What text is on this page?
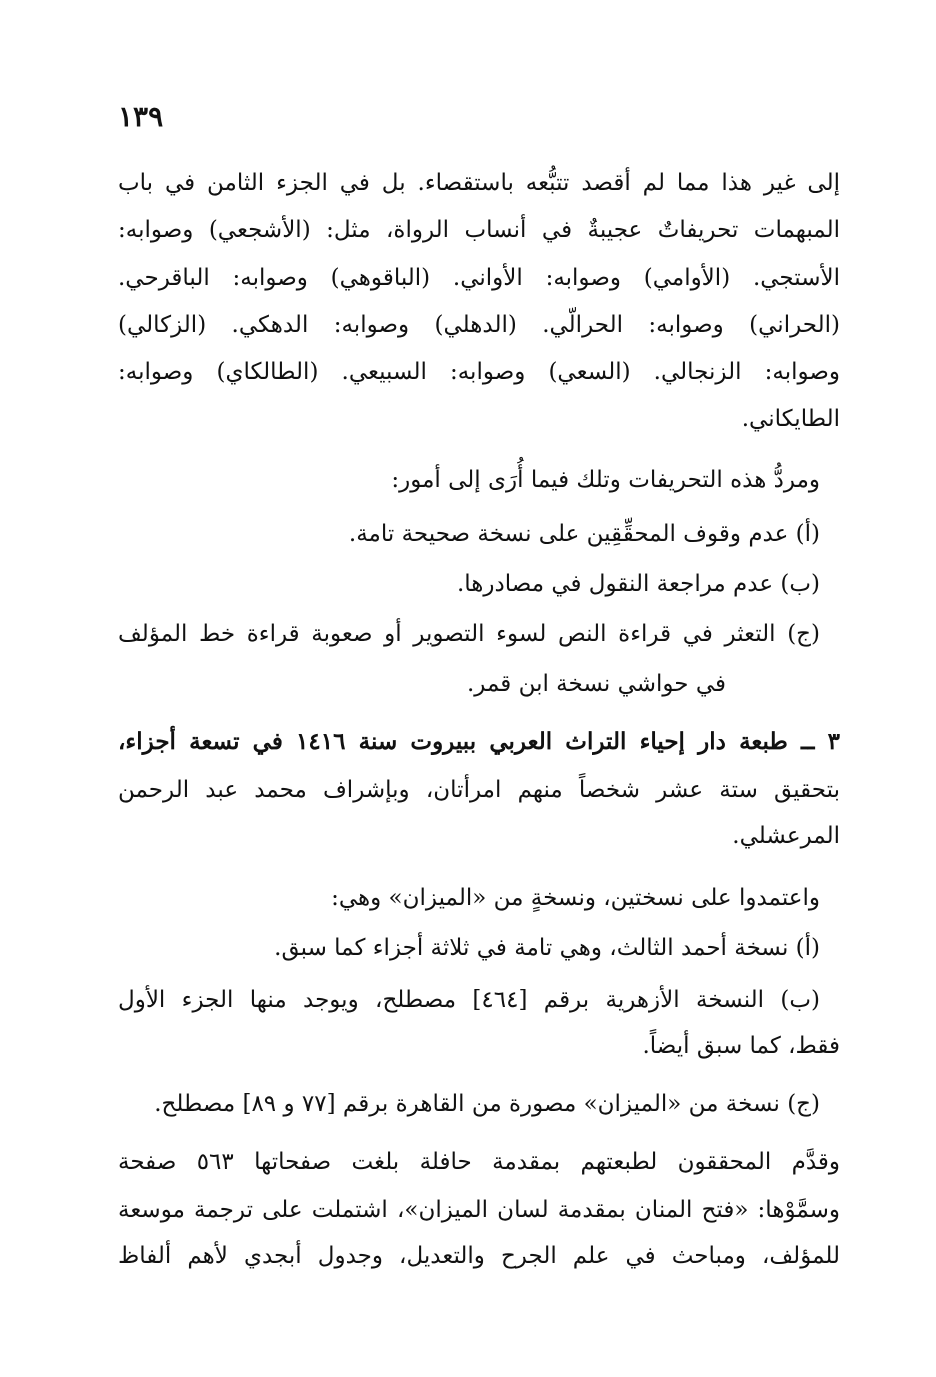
١٣٩
إلى غير هذا مما لم أقصد تتبُّعه باستقصاء. بل في الجزء الثامن في باب
المبهمات تحريفاتٌ عجيبةٌ في أنساب الرواة، مثل: (الأشجعي) وصوابه:
الأستجي. (الأوامي) وصوابه: الأواني. (الباقوهي) وصوابه: الباقرحي.
(الحراني) وصوابه: الحرالّي. (الدهلي) وصوابه: الدهكي. (الزكالي)
وصوابه: الزنجالي. (السعي) وصوابه: السبيعي. (الطالكاي) وصوابه:
الطايكاني.
ومردُّ هذه التحريفات وتلك فيما أُرَى إلى أمور:
(أ) عدم وقوف المحقِّقِين على نسخة صحيحة تامة.
(ب) عدم مراجعة النقول في مصادرها.
(ج) التعثر في قراءة النص لسوء التصوير أو صعوبة قراءة خط المؤلف
في حواشي نسخة ابن قمر.
٣ ــ طبعة دار إحياء التراث العربي ببيروت سنة ١٤١٦ في تسعة أجزاء،
بتحقيق ستة عشر شخصاً منهم امرأتان، وبإشراف محمد عبد الرحمن
المرعشلي.
واعتمدوا على نسختين، ونسخةٍ من «الميزان» وهي:
(أ) نسخة أحمد الثالث، وهي تامة في ثلاثة أجزاء كما سبق.
(ب) النسخة الأزهرية برقم [٤٦٤] مصطلح، ويوجد منها الجزء الأول
فقط، كما سبق أيضاً.
(ج) نسخة من «الميزان» مصورة من القاهرة برقم [٧٧ و ٨٩] مصطلح.
وقدَّم المحققون لطبعتهم بمقدمة حافلة بلغت صفحاتها ٥٦٣ صفحة
وسمَّوْها: «فتح المنان بمقدمة لسان الميزان»، اشتملت على ترجمة موسعة
للمؤلف، ومباحث في علم الجرح والتعديل، وجدول أبجدي لأهم ألفاظ
